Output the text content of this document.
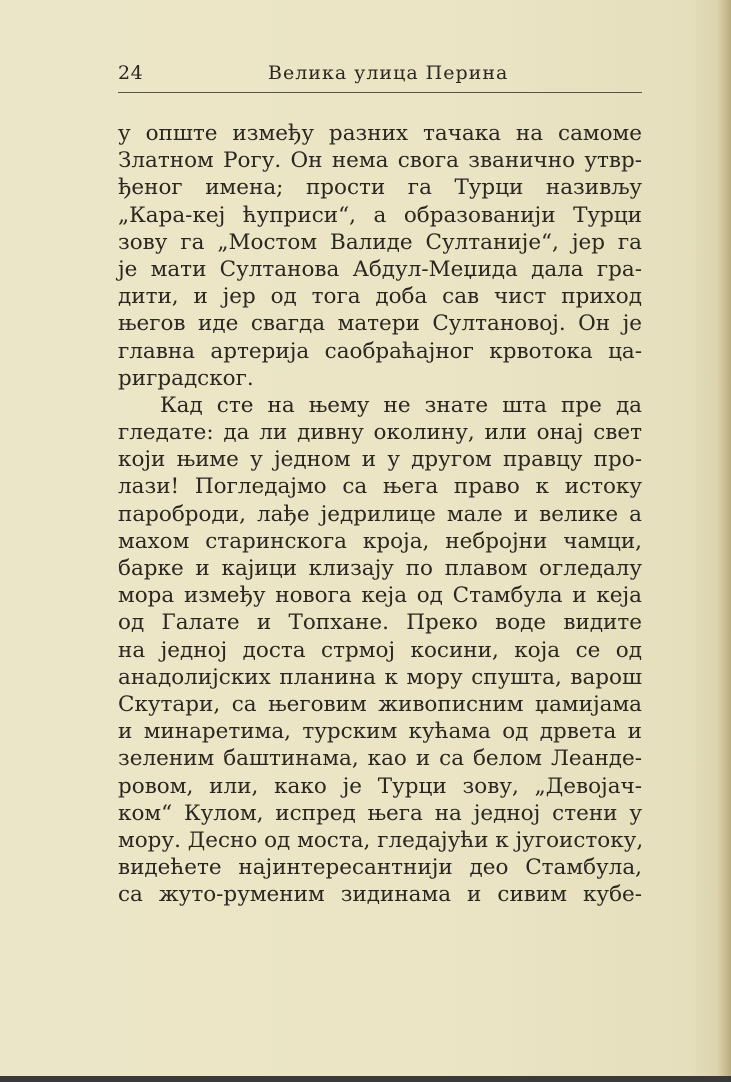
24	Велика улица Перина
у опште између разних тачака на самоме
Златном Рогу. Он нема свога званично утвр-
ђеног имена; прости га Турци називљу
„Кара-кеј ћуприси“, а образованији Турци
зову га „Мостом Валиде Султаније“, јер га
је мати Султанова Абдул-Меџида дала гра-
дити, и јер од тога доба сав чист приход
његов иде свагда матери Султановој. Он је
главна артерија саобраћајног крвотока ца-
риградског.
Кад сте на њему не знате шта пре да
гледате: да ли дивну околину, или онај свет
који њиме у једном и у другом правцу про-
лази! Погледајмо са њега право к истоку
пароброди, лађе једрилице мале и велике а
махом старинскога кроја, небројни чамци,
барке и кајици клизају по плавом огледалу
мора између новога кеја од Стамбула и кеја
од Галате и Топхане. Преко воде видите
на једној доста стрмој косини, која се од
анадолијских планина к мору спушта, варош
Скутари, са његовим живописним џамијама
и минаретима, турским кућама од дрвета и
зеленим баштинама, као и са белом Леанде-
ровом, или, како је Турци зову, „Девојач-
ком“ Кулом, испред њега на једној стени у
мору. Десно од моста, гледајући к југоистоку,
видећете најинтересантнији део Стамбула,
са жуто-руменим зидинама и сивим кубе-
